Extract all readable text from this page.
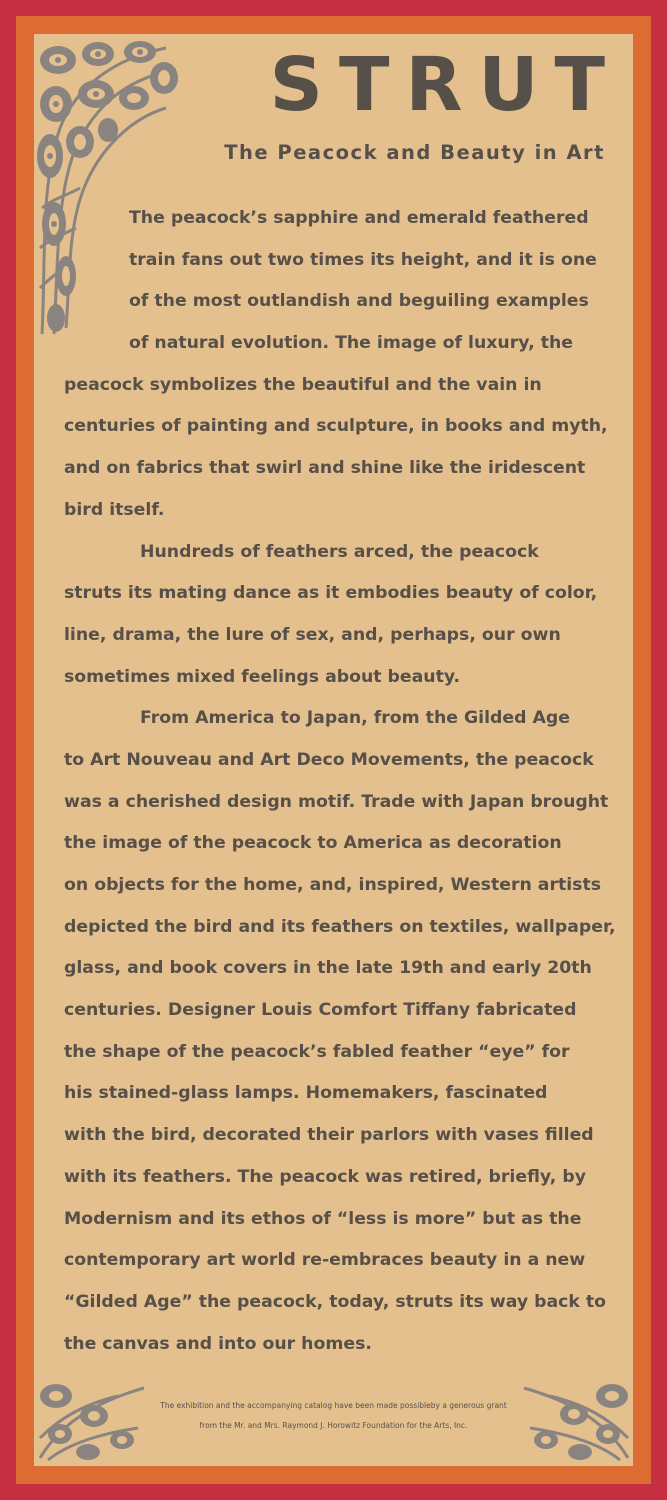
STRUT
The Peacock and Beauty in Art
The peacock’s sapphire and emerald feathered
train fans out two times its height, and it is one
of the most outlandish and beguiling examples
of natural evolution. The image of luxury, the
peacock symbolizes the beautiful and the vain in
centuries of painting and sculpture, in books and myth,
and on fabrics that swirl and shine like the iridescent
bird itself.
Hundreds of feathers arced, the peacock
struts its mating dance as it embodies beauty of color,
line, drama, the lure of sex, and, perhaps, our own
sometimes mixed feelings about beauty.
From America to Japan, from the Gilded Age
to Art Nouveau and Art Deco Movements, the peacock
was a cherished design motif. Trade with Japan brought
the image of the peacock to America as decoration
on objects for the home, and, inspired, Western artists
depicted the bird and its feathers on textiles, wallpaper,
glass, and book covers in the late 19th and early 20th
centuries. Designer Louis Comfort Tiffany fabricated
the shape of the peacock’s fabled feather “eye” for
his stained-glass lamps. Homemakers, fascinated
with the bird, decorated their parlors with vases filled
with its feathers. The peacock was retired, briefly, by
Modernism and its ethos of “less is more” but as the
contemporary art world re-embraces beauty in a new
“Gilded Age” the peacock, today, struts its way back to
the canvas and into our homes.
The exhibition and the accompanying catalog have been made possibleby a generous grant
from the Mr. and Mrs. Raymond J. Horowitz Foundation for the Arts, Inc.
